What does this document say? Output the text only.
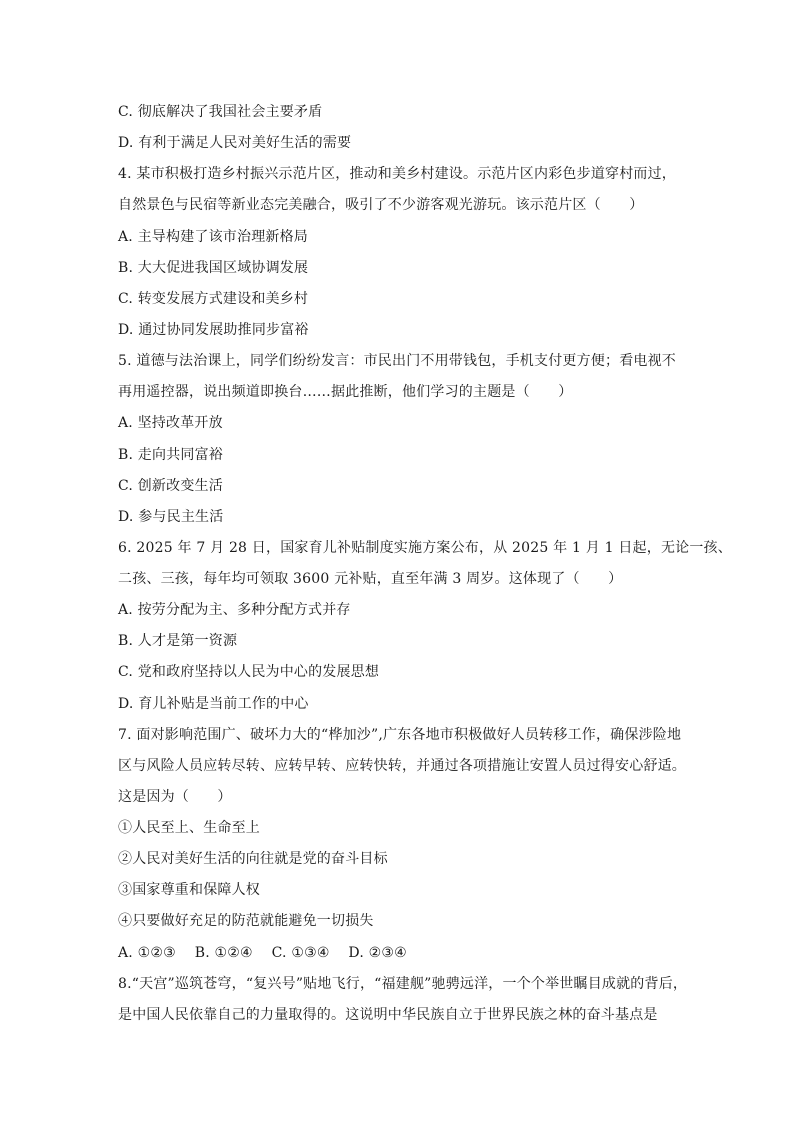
C. 彻底解决了我国社会主要矛盾
D. 有利于满足人民对美好生活的需要
4. 某市积极打造乡村振兴示范片区，推动和美乡村建设。示范片区内彩色步道穿村而过，
自然景色与民宿等新业态完美融合，吸引了不少游客观光游玩。该示范片区（　　）
A. 主导构建了该市治理新格局
B. 大大促进我国区域协调发展
C. 转变发展方式建设和美乡村
D. 通过协同发展助推同步富裕
5. 道德与法治课上，同学们纷纷发言：市民出门不用带钱包，手机支付更方便；看电视不
再用遥控器，说出频道即换台……据此推断，他们学习的主题是（　　）
A. 坚持改革开放
B. 走向共同富裕
C. 创新改变生活
D. 参与民主生活
6. 2025 年 7 月 28 日，国家育儿补贴制度实施方案公布，从 2025 年 1 月 1 日起，无论一孩、
二孩、三孩，每年均可领取 3600 元补贴，直至年满 3 周岁。这体现了（　　）
A. 按劳分配为主、多种分配方式并存
B. 人才是第一资源
C. 党和政府坚持以人民为中心的发展思想
D. 育儿补贴是当前工作的中心
7. 面对影响范围广、破坏力大的“桦加沙”,广东各地市积极做好人员转移工作，确保涉险地
区与风险人员应转尽转、应转早转、应转快转，并通过各项措施让安置人员过得安心舒适。
这是因为（　　）
①人民至上、生命至上
②人民对美好生活的向往就是党的奋斗目标
③国家尊重和保障人权
④只要做好充足的防范就能避免一切损失
A. ①②③　 B. ①②④　 C. ①③④　 D. ②③④
8.“天宫”巡筑苍穹，“复兴号”贴地飞行，“福建舰”驰骋远洋，一个个举世瞩目成就的背后，
是中国人民依靠自己的力量取得的。这说明中华民族自立于世界民族之林的奋斗基点是
